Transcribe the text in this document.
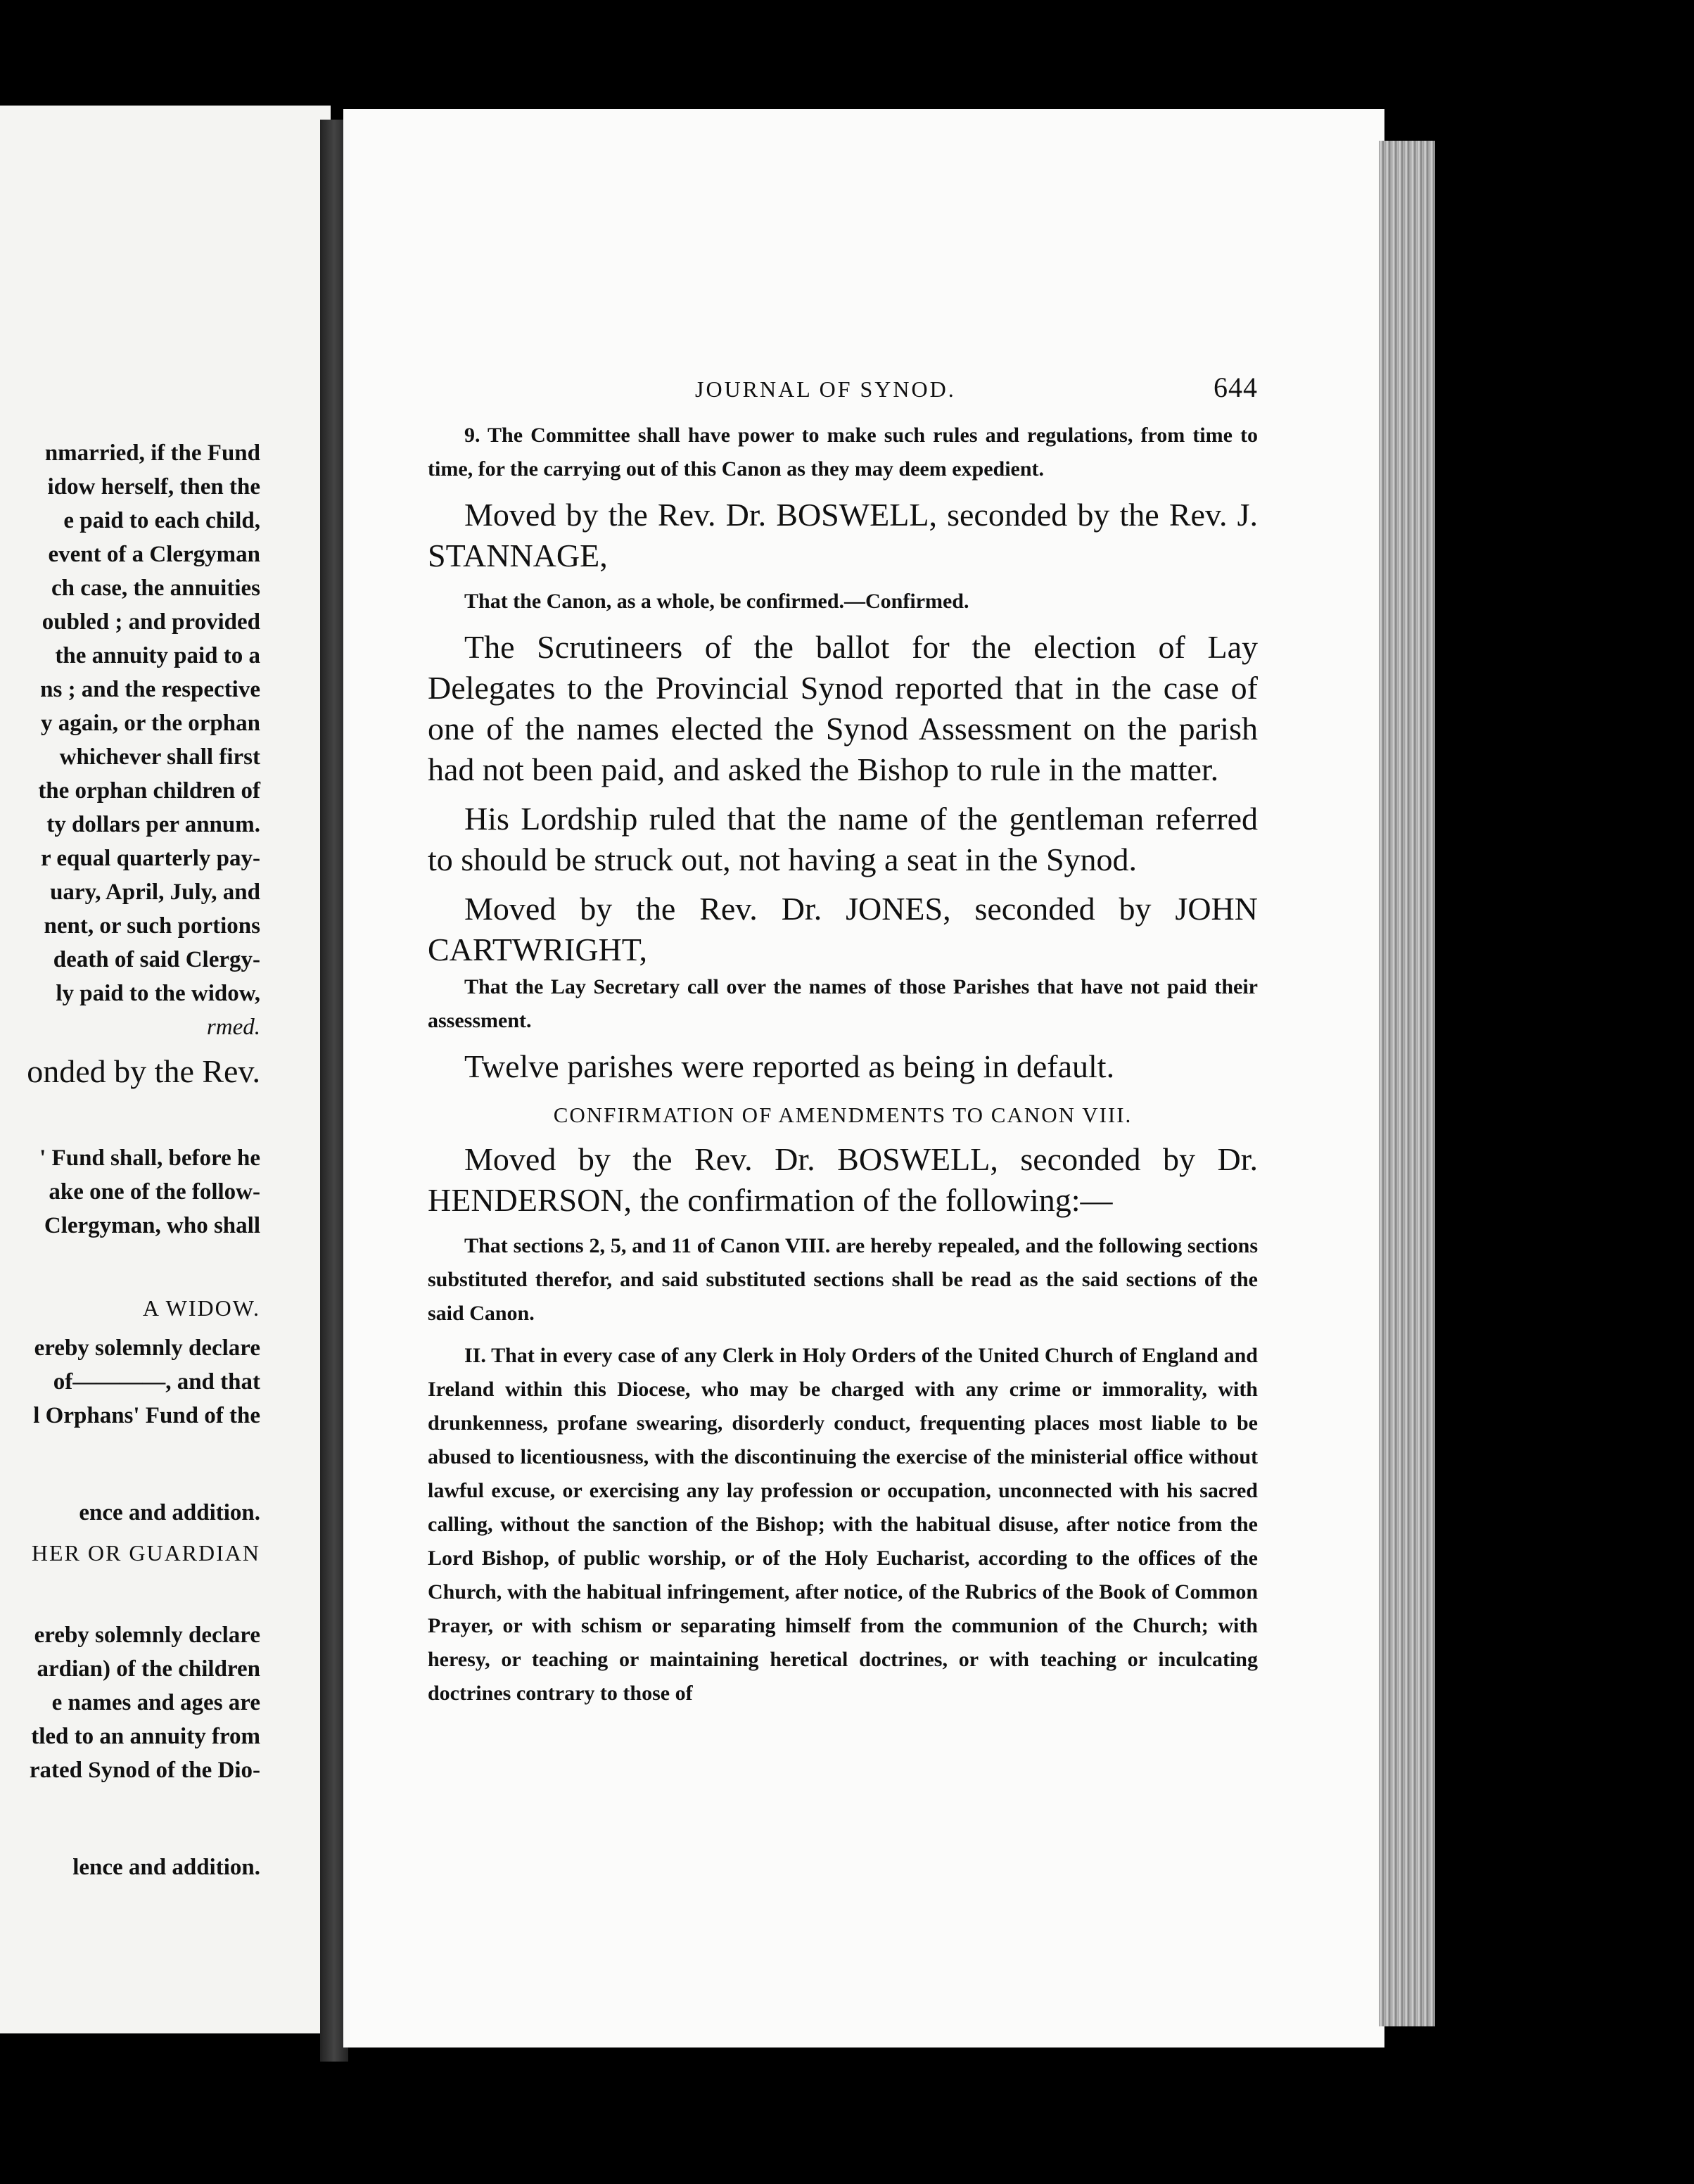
nmarried, if the Fund
idow herself, then the
e paid to each child,
event of a Clergyman
ch case, the annuities
oubled ; and provided
the annuity paid to a
ns ; and the respective
y again, or the orphan
whichever shall first
the orphan children of
ty dollars per annum.
r equal quarterly pay-
uary, April, July, and
nent, or such portions
death of said Clergy-
ly paid to the widow,
rmed.
onded by the Rev.
' Fund shall, before he
ake one of the follow-
Clergyman, who shall
A WIDOW.
ereby solemnly declare
of————, and that
l Orphans' Fund of the
ence and addition.
HER OR GUARDIAN
ereby solemnly declare
ardian) of the children
e names and ages are
tled to an annuity from
rated Synod of the Dio-
lence and addition.
JOURNAL OF SYNOD.	644

9. The Committee shall have power to make such rules and regulations, from time to time, for the carrying out of this Canon as they may deem expedient.

Moved by the Rev. Dr. BOSWELL, seconded by the Rev. J. STANNAGE,

That the Canon, as a whole, be confirmed.—Confirmed.

The Scrutineers of the ballot for the election of Lay Delegates to the Provincial Synod reported that in the case of one of the names elected the Synod Assessment on the parish had not been paid, and asked the Bishop to rule in the matter.

His Lordship ruled that the name of the gentleman referred to should be struck out, not having a seat in the Synod.

Moved by the Rev. Dr. JONES, seconded by JOHN CARTWRIGHT,

That the Lay Secretary call over the names of those Parishes that have not paid their assessment.

Twelve parishes were reported as being in default.

CONFIRMATION OF AMENDMENTS TO CANON VIII.

Moved by the Rev. Dr. BOSWELL, seconded by Dr. HENDERSON, the confirmation of the following:—

That sections 2, 5, and 11 of Canon VIII. are hereby repealed, and the following sections substituted therefor, and said substituted sections shall be read as the said sections of the said Canon.

II. That in every case of any Clerk in Holy Orders of the United Church of England and Ireland within this Diocese, who may be charged with any crime or immorality, with drunkenness, profane swearing, disorderly conduct, frequenting places most liable to be abused to licentiousness, with the discontinuing the exercise of the ministerial office without lawful excuse, or exercising any lay profession or occupation, unconnected with his sacred calling, without the sanction of the Bishop; with the habitual disuse, after notice from the Lord Bishop, of public worship, or of the Holy Eucharist, according to the offices of the Church, with the habitual infringement, after notice, of the Rubrics of the Book of Common Prayer, or with schism or separating himself from the communion of the Church; with heresy, or teaching or maintaining heretical doctrines, or with teaching or inculcating doctrines contrary to those of
